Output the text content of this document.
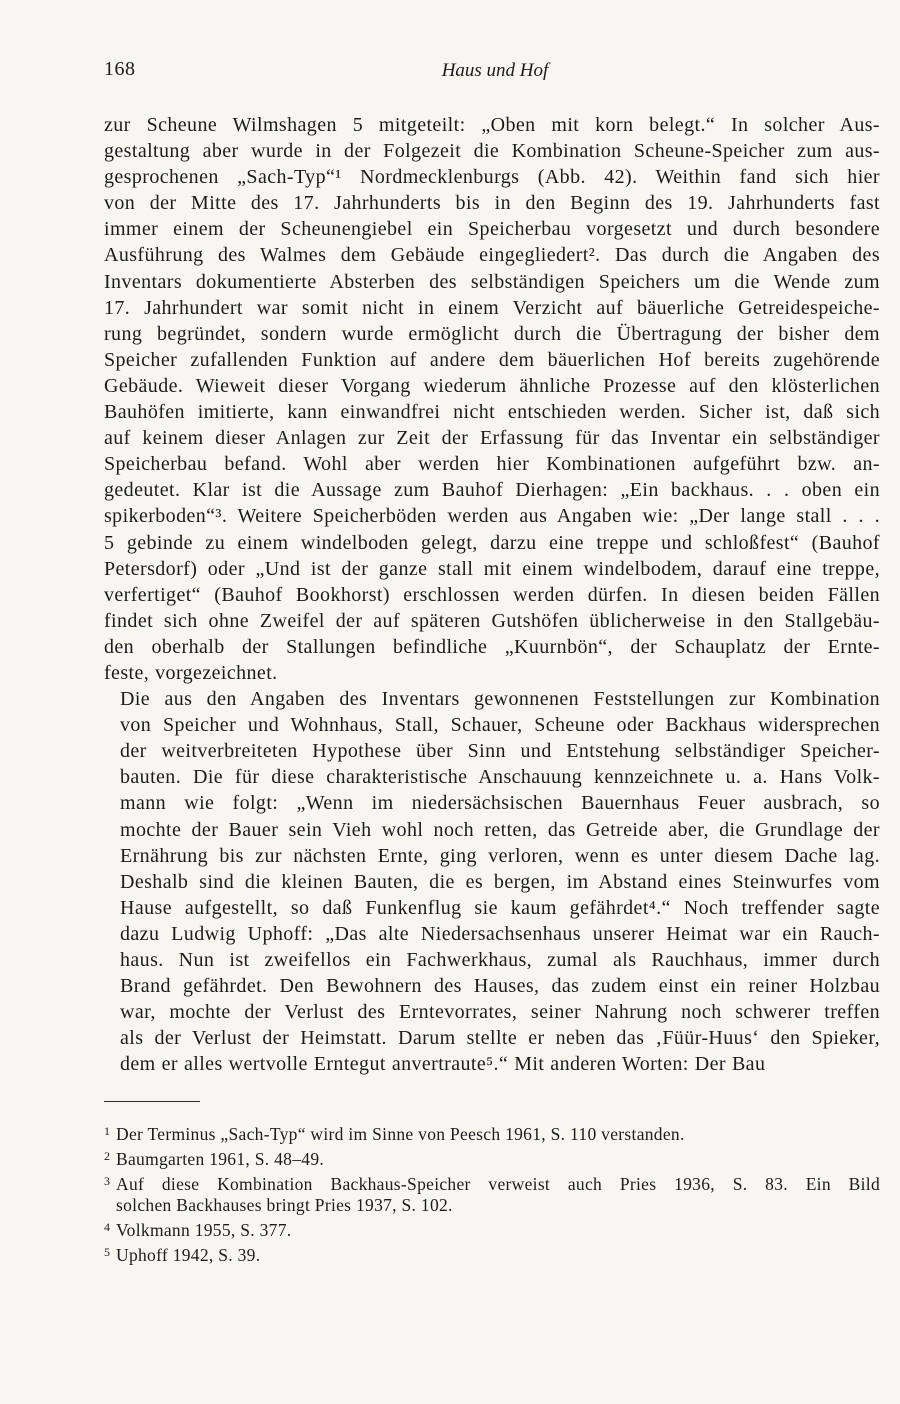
168	Haus und Hof

zur Scheune Wilmshagen 5 mitgeteilt: „Oben mit korn belegt.“ In solcher Aus-
gestaltung aber wurde in der Folgezeit die Kombination Scheune-Speicher zum aus-
gesprochenen „Sach-Typ“¹ Nordmecklenburgs (Abb. 42). Weithin fand sich hier
von der Mitte des 17. Jahrhunderts bis in den Beginn des 19. Jahrhunderts fast
immer einem der Scheunengiebel ein Speicherbau vorgesetzt und durch besondere
Ausführung des Walmes dem Gebäude eingegliedert². Das durch die Angaben des
Inventars dokumentierte Absterben des selbständigen Speichers um die Wende zum
17. Jahrhundert war somit nicht in einem Verzicht auf bäuerliche Getreidespeiche-
rung begründet, sondern wurde ermöglicht durch die Übertragung der bisher dem
Speicher zufallenden Funktion auf andere dem bäuerlichen Hof bereits zugehörende
Gebäude. Wieweit dieser Vorgang wiederum ähnliche Prozesse auf den klösterlichen
Bauhöfen imitierte, kann einwandfrei nicht entschieden werden. Sicher ist, daß sich
auf keinem dieser Anlagen zur Zeit der Erfassung für das Inventar ein selbständiger
Speicherbau befand. Wohl aber werden hier Kombinationen aufgeführt bzw. an-
gedeutet. Klar ist die Aussage zum Bauhof Dierhagen: „Ein backhaus. . . oben ein
spikerboden“³. Weitere Speicherböden werden aus Angaben wie: „Der lange stall . . .
5 gebinde zu einem windelboden gelegt, darzu eine treppe und schloßfest“ (Bauhof
Petersdorf) oder „Und ist der ganze stall mit einem windelbodem, darauf eine treppe,
verfertiget“ (Bauhof Bookhorst) erschlossen werden dürfen. In diesen beiden Fällen
findet sich ohne Zweifel der auf späteren Gutshöfen üblicherweise in den Stallgebäu-
den oberhalb der Stallungen befindliche „Kuurnbön“, der Schauplatz der Ernte-
feste, vorgezeichnet.

Die aus den Angaben des Inventars gewonnenen Feststellungen zur Kombination
von Speicher und Wohnhaus, Stall, Schauer, Scheune oder Backhaus widersprechen
der weitverbreiteten Hypothese über Sinn und Entstehung selbständiger Speicher-
bauten. Die für diese charakteristische Anschauung kennzeichnete u. a. Hans Volk-
mann wie folgt: „Wenn im niedersächsischen Bauernhaus Feuer ausbrach, so
mochte der Bauer sein Vieh wohl noch retten, das Getreide aber, die Grundlage der
Ernährung bis zur nächsten Ernte, ging verloren, wenn es unter diesem Dache lag.
Deshalb sind die kleinen Bauten, die es bergen, im Abstand eines Steinwurfes vom
Hause aufgestellt, so daß Funkenflug sie kaum gefährdet⁴.“ Noch treffender sagte
dazu Ludwig Uphoff: „Das alte Niedersachsenhaus unserer Heimat war ein Rauch-
haus. Nun ist zweifellos ein Fachwerkhaus, zumal als Rauchhaus, immer durch
Brand gefährdet. Den Bewohnern des Hauses, das zudem einst ein reiner Holzbau
war, mochte der Verlust des Erntevorrates, seiner Nahrung noch schwerer treffen
als der Verlust der Heimstatt. Darum stellte er neben das ‚Füür-Huus‘ den Spieker,
dem er alles wertvolle Erntegut anvertraute⁵.“ Mit anderen Worten: Der Bau

1 Der Terminus „Sach-Typ“ wird im Sinne von Peesch 1961, S. 110 verstanden.
2 Baumgarten 1961, S. 48–49.
3 Auf diese Kombination Backhaus-Speicher verweist auch Pries 1936, S. 83. Ein Bild
solchen Backhauses bringt Pries 1937, S. 102.
4 Volkmann 1955, S. 377.
5 Uphoff 1942, S. 39.
